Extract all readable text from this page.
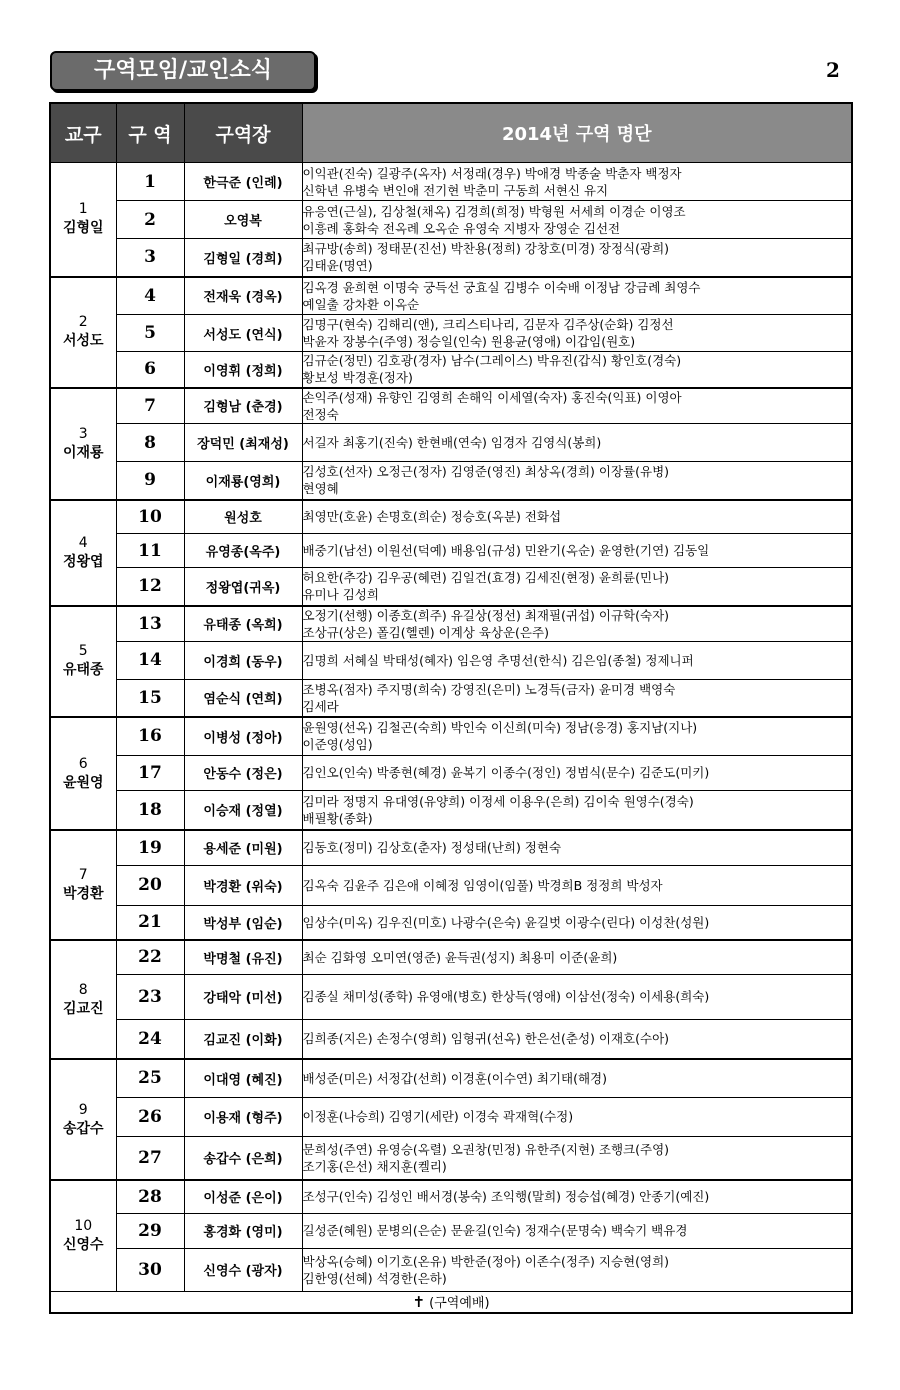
구역모임/교인소식	2
교구	구 역	구역장	2014년 구역 명단

1
김형일	1	한극준 (인례)	이익관(진숙) 길광주(옥자) 서정래(경우) 박애경 박종술 박춘자 백정자
신학년 유병숙 변인애 전기현 박춘미 구동희 서현신 유지

	2	오영복	유응연(근실), 김상철(채옥) 김경희(희정) 박형원 서세희 이경순 이영조
이흥례 홍화숙 전옥례 오옥순 유영숙 지병자 장영순 김선전

	3	김형일 (경희)	최규방(송희) 정태문(진선) 박찬용(정희) 강창호(미경) 장정식(광희)
김태윤(명연)

2
서성도	4	전재욱 (경옥)	김옥경 윤희현 이명숙 궁득선 궁효실 김병수 이숙배 이정남 강금례 최영수
예일출 강차환 이옥순

	5	서성도 (연식)	김명구(현숙) 김해리(앤), 크리스티나리, 김문자 김주상(순화) 김정선
박윤자 장봉수(주영) 정승일(인숙) 원용균(영애) 이갑임(원호)

	6	이영휘 (정희)	김규순(정민) 김호광(경자) 남수(그레이스) 박유진(갑식) 황인호(경숙)
황보성 박경훈(정자)

3
이재룡	7	김형남 (춘경)	손익주(성재) 유향인 김영희 손해익 이세열(숙자) 홍진숙(익표) 이영아
전정숙

	8	장덕민 (최재성)	서길자 최홍기(진숙) 한현배(연숙) 임경자 김영식(봉희)

	9	이재룡(영희)	김성호(선자) 오정근(정자) 김영준(영진) 최상옥(경희) 이장률(유병)
현영혜

4
정왕엽	10	원성호	최영만(호윤) 손명호(희순) 정승호(옥분) 전화섭

	11	유영종(옥주)	배중기(남선) 이원선(덕예) 배용임(규성) 민완기(옥순) 윤영한(기연) 김동일

	12	정왕엽(귀옥)	허요한(추강) 김우공(혜련) 김일건(효경) 김세진(현정) 윤희륜(민나)
유미나 김성희

5
유태종	13	유태종 (옥희)	오정기(선행) 이종호(희주) 유길상(정선) 최재필(귀섭) 이규학(숙자)
조상규(상은) 폴김(헬렌) 이계상 육상운(은주)

	14	이경희 (동우)	김명희 서혜실 박태성(혜자) 임은영 추명선(한식) 김은임(종철) 정제니퍼

	15	염순식 (연희)	조병옥(점자) 주지명(희숙) 강영진(은미) 노경득(금자) 윤미경 백영숙
김세라

6
윤원영	16	이병성 (정아)	윤원영(선옥) 김철곤(숙희) 박인숙 이신희(미숙) 정남(응경) 홍지남(지나)
이준영(성임)

	17	안동수 (정은)	김인오(인숙) 박종현(혜경) 윤복기 이종수(정인) 정범식(문수) 김준도(미키)

	18	이승재 (정열)	김미라 정명지 유대영(유양희) 이정세 이용우(은희) 김이숙 원영수(경숙)
배필황(종화)

7
박경환	19	용세준 (미원)	김동호(정미) 김상호(춘자) 정성태(난희) 정현숙

	20	박경환 (위숙)	김옥숙 김윤주 김은애 이혜정 임영이(임풀) 박경희B 정정희 박성자

	21	박성부 (임순)	임상수(미옥) 김우진(미호) 나광수(은숙) 윤길벗 이광수(린다) 이성찬(성원)

8
김교진	22	박명철 (유진)	최순 김화영 오미연(영준) 윤득권(성지) 최용미 이준(윤희)

	23	강태악 (미선)	김종실 채미성(종학) 유영애(병호) 한상득(영애) 이삼선(정숙) 이세용(희숙)

	24	김교진 (이화)	김희종(지은) 손정수(영희) 임형귀(선옥) 한은선(춘성) 이재호(수아)

9
송갑수	25	이대영 (혜진)	배성준(미은) 서정갑(선희) 이경훈(이수연) 최기태(해경)

	26	이용재 (형주)	이정훈(나승희) 김영기(세란) 이경숙 곽재혁(수정)

	27	송갑수 (은희)	문희성(주연) 유영승(옥렬) 오권창(민정) 유한주(지현) 조행크(주영)
조기홍(은선) 채지훈(켈리)

10
신영수	28	이성준 (은이)	조성구(인숙) 김성인 배서경(봉숙) 조익행(말희) 정승섭(혜경) 안종기(예진)

	29	홍경화 (영미)	길성준(혜원) 문병의(은순) 문윤길(인숙) 정재수(문명숙) 백숙기 백유경

	30	신영수 (광자)	박상옥(승혜) 이기호(온유) 박한준(정아) 이존수(정주) 지승현(영희)
김한영(선혜) 석경한(은하)

✝ (구역예배)			
